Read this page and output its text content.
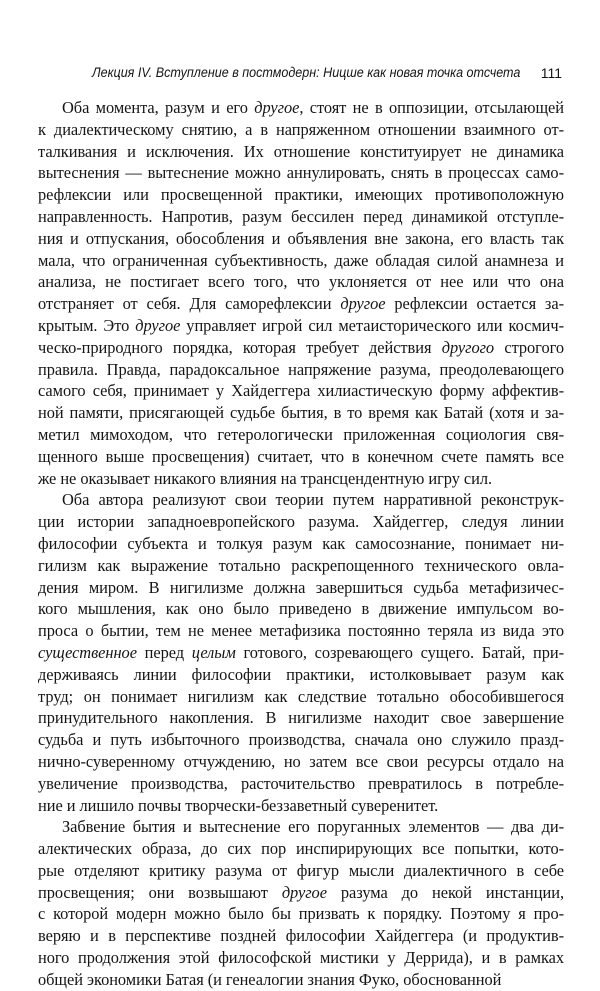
Лекция IV. Вступление в постмодерн: Ницше как новая точка отсчета	111
Оба момента, разум и его другое, стоят не в оппозиции, отсылающей
к диалектическому снятию, а в напряженном отношении взаимного от-
талкивания и исключения. Их отношение конституирует не динамика
вытеснения — вытеснение можно аннулировать, снять в процессах само-
рефлексии или просвещенной практики, имеющих противоположную
направленность. Напротив, разум бессилен перед динамикой отступле-
ния и отпускания, обособления и объявления вне закона, его власть так
мала, что ограниченная субъективность, даже обладая силой анамнеза и
анализа, не постигает всего того, что уклоняется от нее или что она
отстраняет от себя. Для саморефлексии другое рефлексии остается за-
крытым. Это другое управляет игрой сил метаисторического или космич-
ческо-природного порядка, которая требует действия другого строгого
правила. Правда, парадоксальное напряжение разума, преодолевающего
самого себя, принимает у Хайдеггера хилиастическую форму аффектив-
ной памяти, присягающей судьбе бытия, в то время как Батай (хотя и за-
метил мимоходом, что гетерологически приложенная социология свя-
щенного выше просвещения) считает, что в конечном счете память все
же не оказывает никакого влияния на трансцендентную игру сил.
Оба автора реализуют свои теории путем нарративной реконструк-
ции истории западноевропейского разума. Хайдеггер, следуя линии
философии субъекта и толкуя разум как самосознание, понимает ни-
гилизм как выражение тотально раскрепощенного технического овла-
дения миром. В нигилизме должна завершиться судьба метафизичес-
кого мышления, как оно было приведено в движение импульсом во-
проса о бытии, тем не менее метафизика постоянно теряла из вида это
существенное перед целым готового, созревающего сущего. Батай, при-
держиваясь линии философии практики, истолковывает разум как
труд; он понимает нигилизм как следствие тотально обособившегося
принудительного накопления. В нигилизме находит свое завершение
судьба и путь избыточного производства, сначала оно служило празд-
нично-суверенному отчуждению, но затем все свои ресурсы отдало на
увеличение производства, расточительство превратилось в потребле-
ние и лишило почвы творчески-беззаветный суверенитет.
Забвение бытия и вытеснение его поруганных элементов — два ди-
алектических образа, до сих пор инспирирующих все попытки, кото-
рые отделяют критику разума от фигур мысли диалектичного в себе
просвещения; они возвышают другое разума до некой инстанции,
с которой модерн можно было бы призвать к порядку. Поэтому я про-
веряю и в перспективе поздней философии Хайдеггера (и продуктив-
ного продолжения этой философской мистики у Деррида), и в рамках
общей экономики Батая (и генеалогии знания Фуко, обоснованной
